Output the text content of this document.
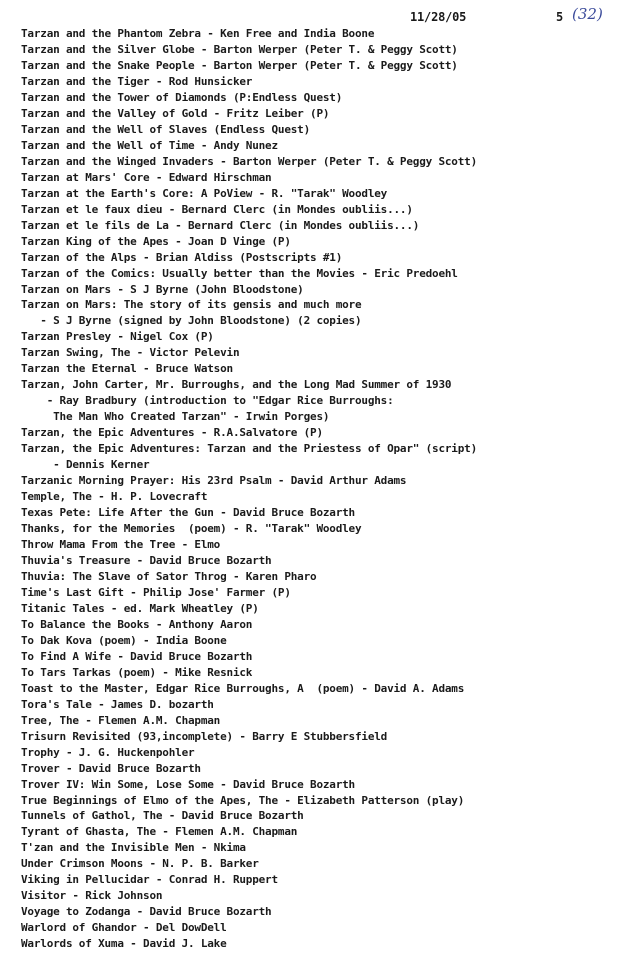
11/28/05	5 (32)
Tarzan and the Phantom Zebra - Ken Free and India Boone
Tarzan and the Silver Globe - Barton Werper (Peter T. & Peggy Scott)
Tarzan and the Snake People - Barton Werper (Peter T. & Peggy Scott)
Tarzan and the Tiger - Rod Hunsicker
Tarzan and the Tower of Diamonds (P:Endless Quest)
Tarzan and the Valley of Gold - Fritz Leiber (P)
Tarzan and the Well of Slaves (Endless Quest)
Tarzan and the Well of Time - Andy Nunez
Tarzan and the Winged Invaders - Barton Werper (Peter T. & Peggy Scott)
Tarzan at Mars' Core - Edward Hirschman
Tarzan at the Earth's Core: A PoView - R. "Tarak" Woodley
Tarzan et le faux dieu - Bernard Clerc (in Mondes oubliis...)
Tarzan et le fils de La - Bernard Clerc (in Mondes oubliis...)
Tarzan King of the Apes - Joan D Vinge (P)
Tarzan of the Alps - Brian Aldiss (Postscripts #1)
Tarzan of the Comics: Usually better than the Movies - Eric Predoehl
Tarzan on Mars - S J Byrne (John Bloodstone)
Tarzan on Mars: The story of its gensis and much more
- S J Byrne (signed by John Bloodstone) (2 copies)
Tarzan Presley - Nigel Cox (P)
Tarzan Swing, The - Victor Pelevin
Tarzan the Eternal - Bruce Watson
Tarzan, John Carter, Mr. Burroughs, and the Long Mad Summer of 1930
- Ray Bradbury (introduction to "Edgar Rice Burroughs:
The Man Who Created Tarzan" - Irwin Porges)
Tarzan, the Epic Adventures - R.A.Salvatore (P)
Tarzan, the Epic Adventures: Tarzan and the Priestess of Opar" (script)
- Dennis Kerner
Tarzanic Morning Prayer: His 23rd Psalm - David Arthur Adams
Temple, The - H. P. Lovecraft
Texas Pete: Life After the Gun - David Bruce Bozarth
Thanks, for the Memories  (poem) - R. "Tarak" Woodley
Throw Mama From the Tree - Elmo
Thuvia's Treasure - David Bruce Bozarth
Thuvia: The Slave of Sator Throg - Karen Pharo
Time's Last Gift - Philip Jose' Farmer (P)
Titanic Tales - ed. Mark Wheatley (P)
To Balance the Books - Anthony Aaron
To Dak Kova (poem) - India Boone
To Find A Wife - David Bruce Bozarth
To Tars Tarkas (poem) - Mike Resnick
Toast to the Master, Edgar Rice Burroughs, A  (poem) - David A. Adams
Tora's Tale - James D. bozarth
Tree, The - Flemen A.M. Chapman
Trisurn Revisited (93,incomplete) - Barry E Stubbersfield
Trophy - J. G. Huckenpohler
Trover - David Bruce Bozarth
Trover IV: Win Some, Lose Some - David Bruce Bozarth
True Beginnings of Elmo of the Apes, The - Elizabeth Patterson (play)
Tunnels of Gathol, The - David Bruce Bozarth
Tyrant of Ghasta, The - Flemen A.M. Chapman
T'zan and the Invisible Men - Nkima
Under Crimson Moons - N. P. B. Barker
Viking in Pellucidar - Conrad H. Ruppert
Visitor - Rick Johnson
Voyage to Zodanga - David Bruce Bozarth
Warlord of Ghandor - Del DowDell
Warlords of Xuma - David J. Lake
